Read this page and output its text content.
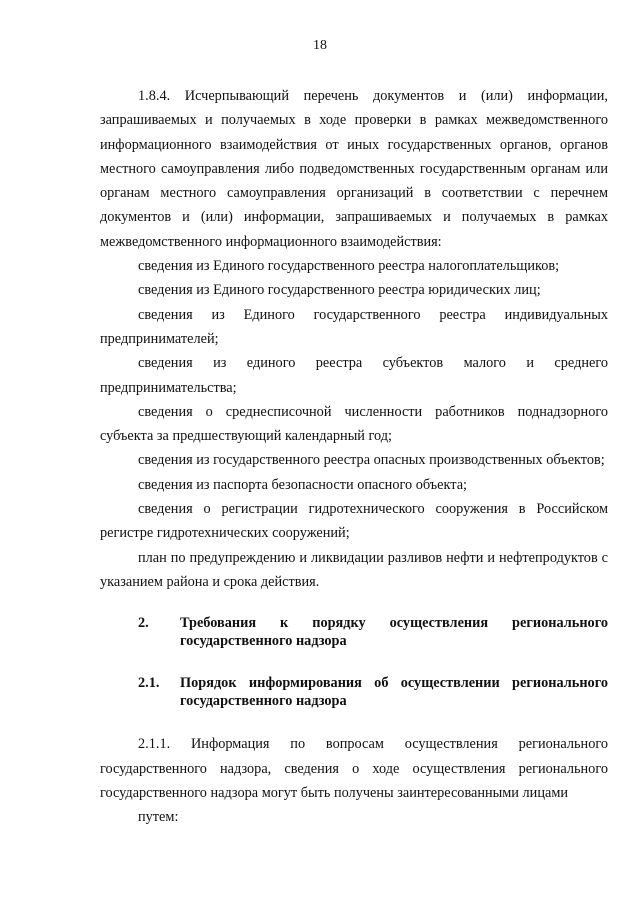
18

1.8.4. Исчерпывающий перечень документов и (или) информации, запрашиваемых и получаемых в ходе проверки в рамках межведомственного информационного взаимодействия от иных государственных органов, органов местного самоуправления либо подведомственных государственным органам или органам местного самоуправления организаций в соответствии с перечнем документов и (или) информации, запрашиваемых и получаемых в рамках межведомственного информационного взаимодействия:

сведения из Единого государственного реестра налогоплательщиков;

сведения из Единого государственного реестра юридических лиц;

сведения из Единого государственного реестра индивидуальных предпринимателей;

сведения из единого реестра субъектов малого и среднего предпринимательства;

сведения о среднесписочной численности работников поднадзорного субъекта за предшествующий календарный год;

сведения из государственного реестра опасных производственных объектов;

сведения из паспорта безопасности опасного объекта;

сведения о регистрации гидротехнического сооружения в Российском регистре гидротехнических сооружений;

план по предупреждению и ликвидации разливов нефти и нефтепродуктов с указанием района и срока действия.

2.	Требования к порядку осуществления регионального государственного надзора
2.1.	Порядок информирования об осуществлении регионального государственного надзора

2.1.1. Информация по вопросам осуществления регионального государственного надзора, сведения о ходе осуществления регионального государственного надзора могут быть получены заинтересованными лицами

путем:
